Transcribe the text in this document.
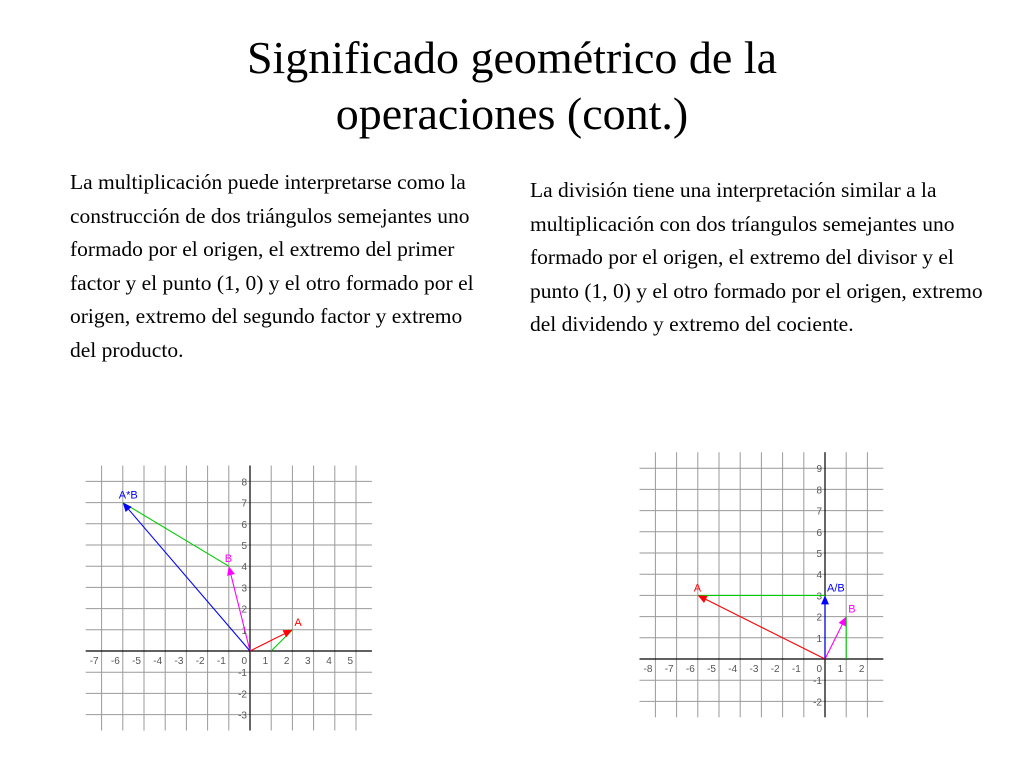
Significado geométrico de la
operaciones (cont.)

La multiplicación puede interpretarse como la construcción de dos triángulos semejantes uno formado por el origen, el extremo del primer factor y el punto (1, 0) y el otro formado por el origen, extremo del segundo factor y extremo del producto.

La división tiene una interpretación similar a la multiplicación con dos tríangulos semejantes uno formado por el origen, el extremo del divisor y el punto (1, 0) y el otro formado por el origen, extremo del dividendo y extremo del cociente.

-7 -6 -5 -4 -3 -2 -1 0 1 2 3 4 5
-3
-2
-1
1
2
3
4
5
6
7
8
A
B
A*B
-8 -7 -6 -5 -4 -3 -2 -1 0 1 2
-2
-1
1
2
3
4
5
6
7
8
9
A
B
A/B
